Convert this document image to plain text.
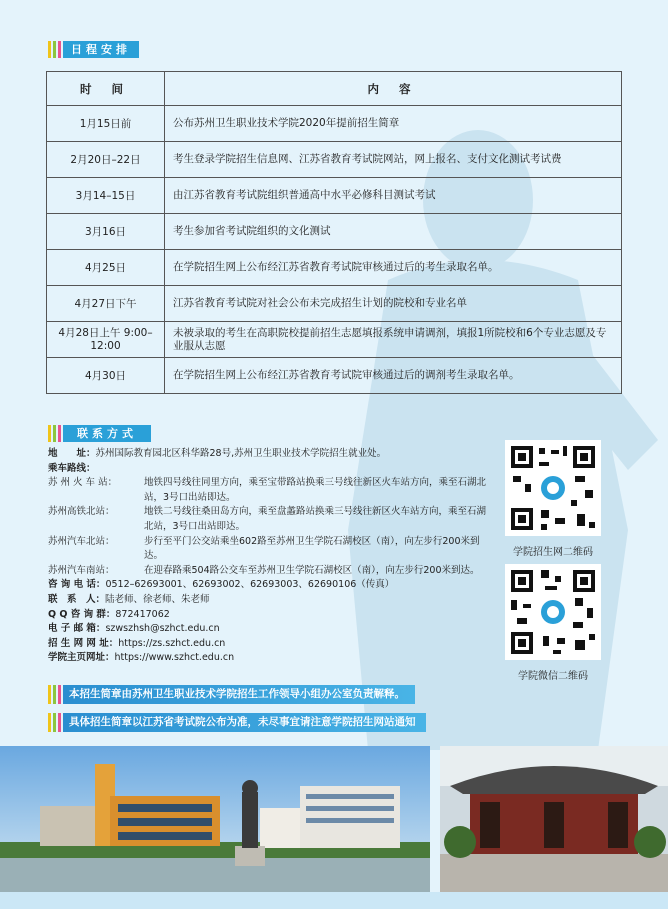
日程安排
时 间	内 容
1月15日前	公布苏州卫生职业技术学院2020年提前招生简章
2月20日–22日	考生登录学院招生信息网、江苏省教育考试院网站，网上报名、支付文化测试考试费
3月14–15日	由江苏省教育考试院组织普通高中水平必修科目测试考试
3月16日	考生参加省考试院组织的文化测试
4月25日	在学院招生网上公布经江苏省教育考试院审核通过后的考生录取名单。
4月27日下午	江苏省教育考试院对社会公布未完成招生计划的院校和专业名单
4月28日上午 9:00–12:00	未被录取的考生在高职院校提前招生志愿填报系统申请调剂，填报1所院校和6个专业志愿及专业服从志愿
4月30日	在学院招生网上公布经江苏省教育考试院审核通过后的调剂考生录取名单。
联系方式
地　　址： 苏州国际教育园北区科华路28号,苏州卫生职业技术学院招生就业处。
乘车路线：
苏 州 火 车 站：	地铁四号线往同里方向，乘至宝带路站换乘三号线往新区火车站方向，乘至石湖北站，3号口出站即达。
苏州高铁北站：	地铁二号线往桑田岛方向，乘至盘蠡路站换乘三号线往新区火车站方向，乘至石湖北站，3号口出站即达。
苏州汽车北站：	步行至平门公交站乘坐602路至苏州卫生学院石湖校区（南），向左步行200米到达。
苏州汽车南站：	在迎春路乘504路公交车至苏州卫生学院石湖校区（南），向左步行200米到达。
咨 询 电 话： 0512–62693001、62693002、62693003、62690106（传真）
联　系　人： 陆老师、徐老师、朱老师
Q Q 咨 询 群： 872417062
电 子 邮 箱： szwszhsh@szhct.edu.cn
招 生 网 网 址： https://zs.szhct.edu.cn
学院主页网址： https://www.szhct.edu.cn
学院招生网二维码
学院微信二维码
本招生简章由苏州卫生职业技术学院招生工作领导小组办公室负责解释。
具体招生简章以江苏省考试院公布为准，未尽事宜请注意学院招生网站通知
